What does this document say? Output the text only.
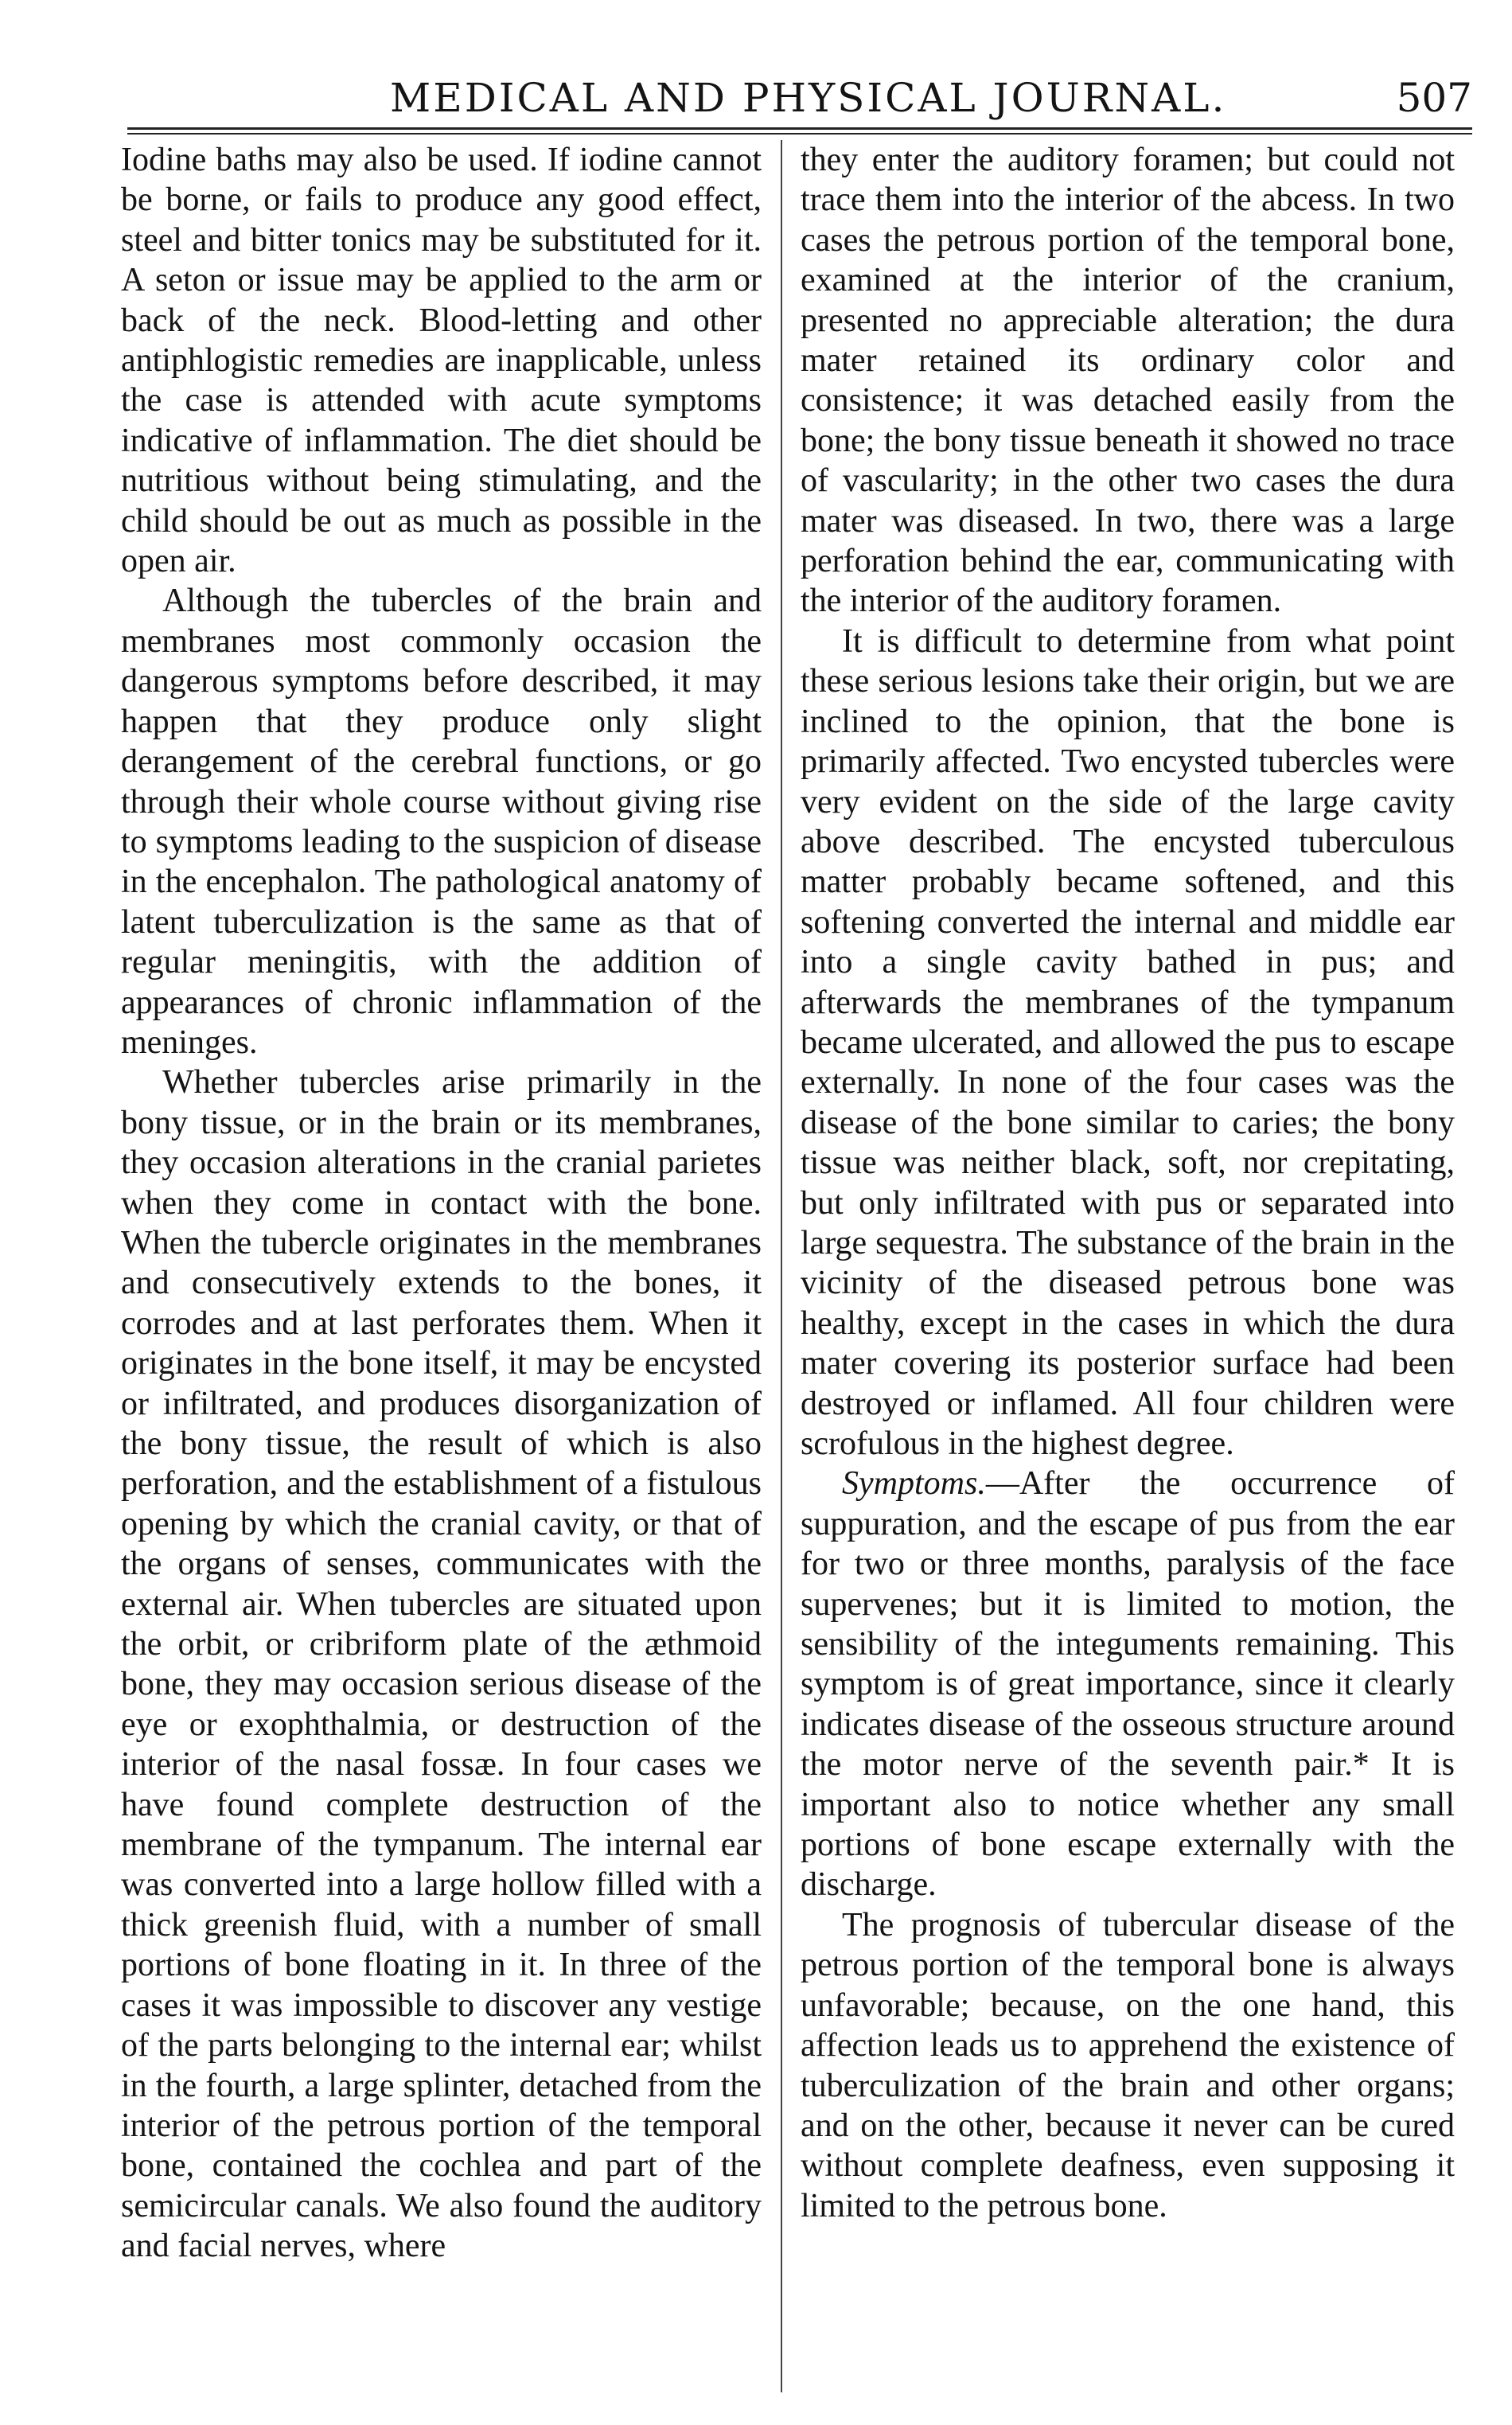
MEDICAL AND PHYSICAL JOURNAL.	507

Iodine baths may also be used. If iodine cannot be borne, or fails to produce any good effect, steel and bitter tonics may be substituted for it. A seton or issue may be applied to the arm or back of the neck. Blood-letting and other antiphlogistic remedies are inapplicable, unless the case is attended with acute symptoms indicative of inflammation. The diet should be nutritious without being stimulating, and the child should be out as much as possible in the open air.

Although the tubercles of the brain and membranes most commonly occasion the dangerous symptoms before described, it may happen that they produce only slight derangement of the cerebral functions, or go through their whole course without giving rise to symptoms leading to the suspicion of disease in the encephalon. The pathological anatomy of latent tuberculization is the same as that of regular meningitis, with the addition of appearances of chronic inflammation of the meninges.

Whether tubercles arise primarily in the bony tissue, or in the brain or its membranes, they occasion alterations in the cranial parietes when they come in contact with the bone. When the tubercle originates in the membranes and consecutively extends to the bones, it corrodes and at last perforates them. When it originates in the bone itself, it may be encysted or infiltrated, and produces disorganization of the bony tissue, the result of which is also perforation, and the establishment of a fistulous opening by which the cranial cavity, or that of the organs of senses, communicates with the external air. When tubercles are situated upon the orbit, or cribriform plate of the æthmoid bone, they may occasion serious disease of the eye or exophthalmia, or destruction of the interior of the nasal fossæ. In four cases we have found complete destruction of the membrane of the tympanum. The internal ear was converted into a large hollow filled with a thick greenish fluid, with a number of small portions of bone floating in it. In three of the cases it was impossible to discover any vestige of the parts belonging to the internal ear; whilst in the fourth, a large splinter, detached from the interior of the petrous portion of the temporal bone, contained the cochlea and part of the semicircular canals. We also found the auditory and facial nerves, where

they enter the auditory foramen; but could not trace them into the interior of the abcess. In two cases the petrous portion of the temporal bone, examined at the interior of the cranium, presented no appreciable alteration; the dura mater retained its ordinary color and consistence; it was detached easily from the bone; the bony tissue beneath it showed no trace of vascularity; in the other two cases the dura mater was diseased. In two, there was a large perforation behind the ear, communicating with the interior of the auditory foramen.

It is difficult to determine from what point these serious lesions take their origin, but we are inclined to the opinion, that the bone is primarily affected. Two encysted tubercles were very evident on the side of the large cavity above described. The encysted tuberculous matter probably became softened, and this softening converted the internal and middle ear into a single cavity bathed in pus; and afterwards the membranes of the tympanum became ulcerated, and allowed the pus to escape externally. In none of the four cases was the disease of the bone similar to caries; the bony tissue was neither black, soft, nor crepitating, but only infiltrated with pus or separated into large sequestra. The substance of the brain in the vicinity of the diseased petrous bone was healthy, except in the cases in which the dura mater covering its posterior surface had been destroyed or inflamed. All four children were scrofulous in the highest degree.

Symptoms.—After the occurrence of suppuration, and the escape of pus from the ear for two or three months, paralysis of the face supervenes; but it is limited to motion, the sensibility of the integuments remaining. This symptom is of great importance, since it clearly indicates disease of the osseous structure around the motor nerve of the seventh pair.* It is important also to notice whether any small portions of bone escape externally with the discharge.

The prognosis of tubercular disease of the petrous portion of the temporal bone is always unfavorable; because, on the one hand, this affection leads us to apprehend the existence of tuberculization of the brain and other organs; and on the other, because it never can be cured without complete deafness, even supposing it limited to the petrous bone.
